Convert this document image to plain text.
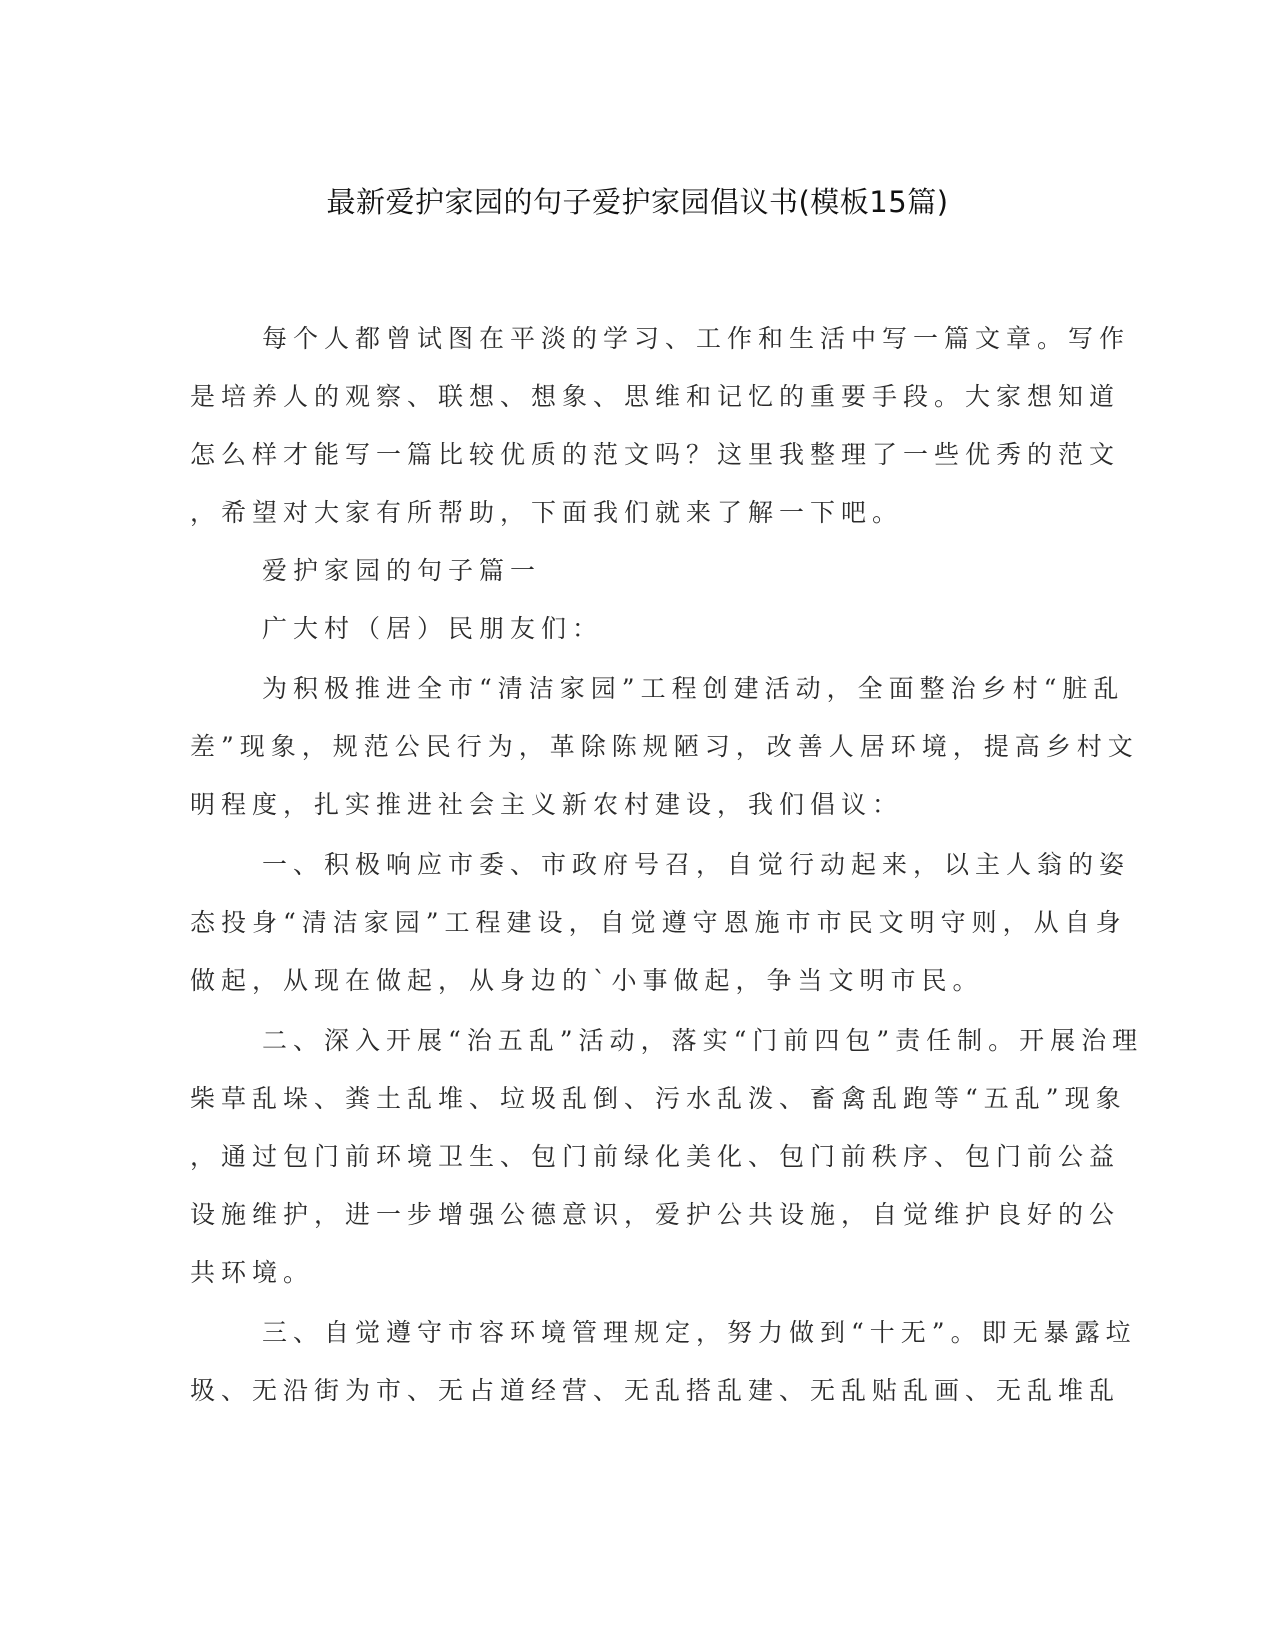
最新爱护家园的句子爱护家园倡议书(模板15篇)
每个人都曾试图在平淡的学习、工作和生活中写一篇文章。写作
是培养人的观察、联想、想象、思维和记忆的重要手段。大家想知道
怎么样才能写一篇比较优质的范文吗？这里我整理了一些优秀的范文
，希望对大家有所帮助，下面我们就来了解一下吧。
爱护家园的句子篇一
广大村（居）民朋友们：
为积极推进全市“清洁家园”工程创建活动，全面整治乡村“脏乱
差”现象，规范公民行为，革除陈规陋习，改善人居环境，提高乡村文
明程度，扎实推进社会主义新农村建设，我们倡议：
一、积极响应市委、市政府号召，自觉行动起来，以主人翁的姿
态投身“清洁家园”工程建设，自觉遵守恩施市市民文明守则，从自身
做起，从现在做起，从身边的`小事做起，争当文明市民。
二、深入开展“治五乱”活动，落实“门前四包”责任制。开展治理
柴草乱垛、粪土乱堆、垃圾乱倒、污水乱泼、畜禽乱跑等“五乱”现象
，通过包门前环境卫生、包门前绿化美化、包门前秩序、包门前公益
设施维护，进一步增强公德意识，爱护公共设施，自觉维护良好的公
共环境。
三、自觉遵守市容环境管理规定，努力做到“十无”。即无暴露垃
圾、无沿街为市、无占道经营、无乱搭乱建、无乱贴乱画、无乱堆乱
